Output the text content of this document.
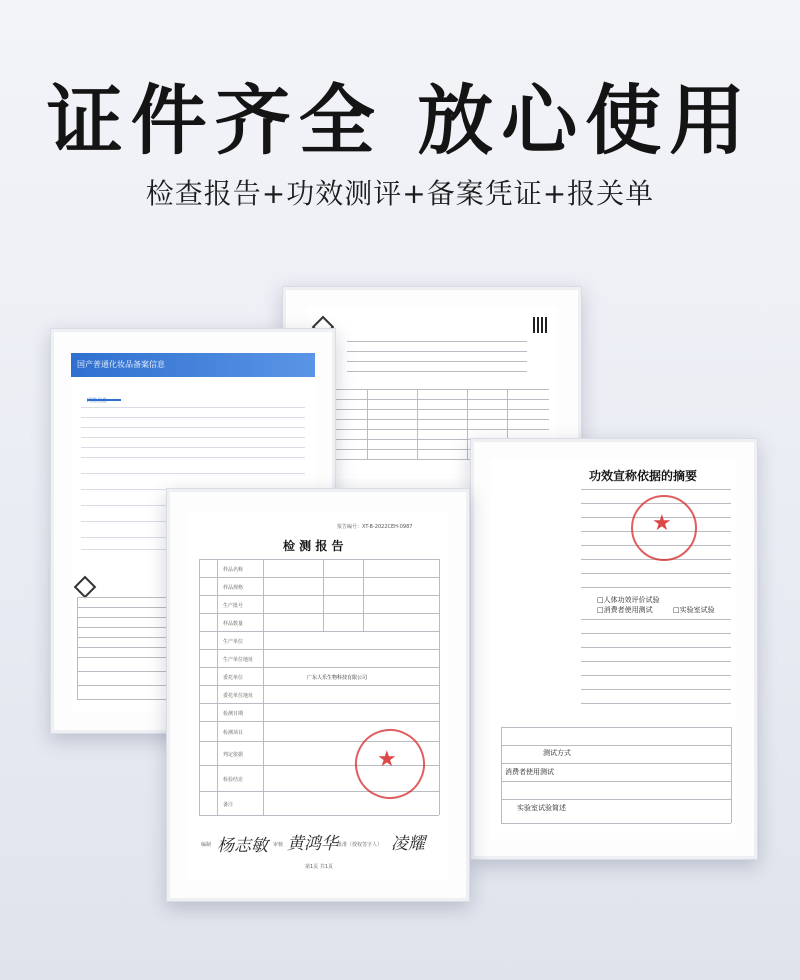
证件齐全 放心使用
检查报告+功效测评+备案凭证+报关单
国产普通化妆品备案信息
网络信息
功效宣称依据的摘要
★
□消费者使用测试	□实验室试验
□人体功效评价试验
测试方式
消费者使用测试
实验室试验简述
报告编号：XT-B-2022CEH-0987
检 测 报 告
样品名称
样品规格
生产批号
样品数量
生产单位
生产单位地址
委托单位
委托单位地址
检测日期
检测项目
判定依据
检验结论
备注
广东人乐生物科技有限公司
★
编制 杨志敏 审核 黄鸿华 批准（授权签字人） 凌耀
第1页 共1页
